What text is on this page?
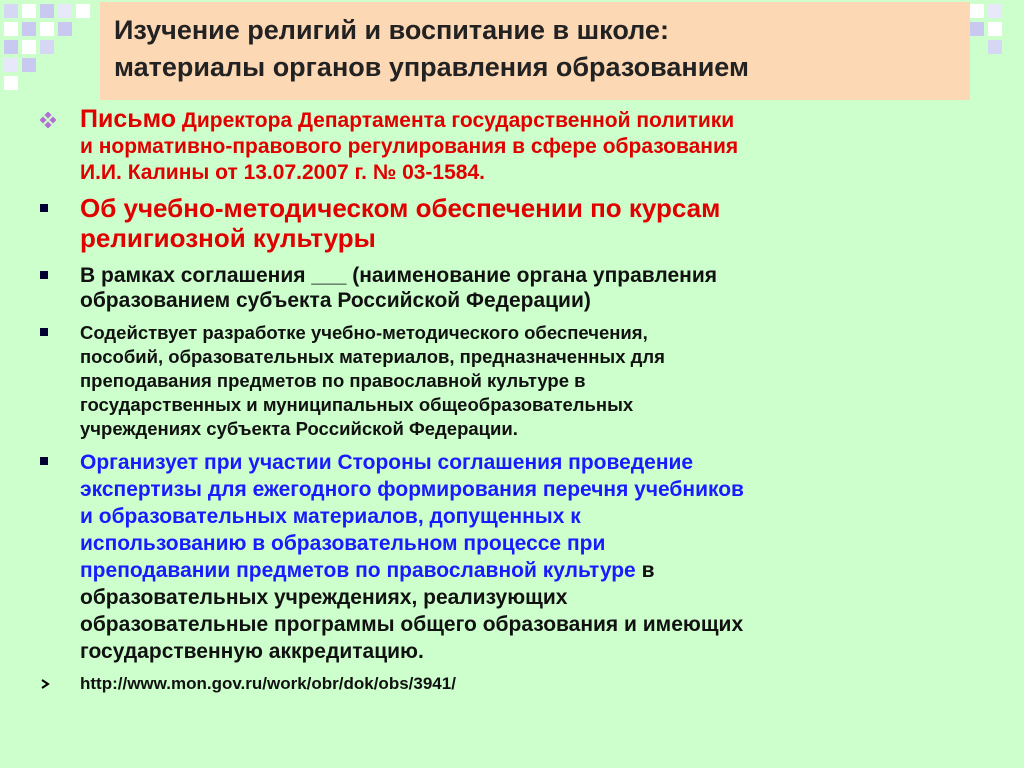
Изучение религий и воспитание в школе:
материалы органов управления образованием
Письмо Директора Департамента государственной политики
и нормативно-правового регулирования в сфере образования
И.И. Калины от 13.07.2007 г. № 03-1584.
Об учебно-методическом обеспечении по курсам
религиозной культуры
В рамках соглашения ___ (наименование органа управления
образованием субъекта Российской Федерации)
Содействует разработке учебно-методического обеспечения,
пособий, образовательных материалов, предназначенных для
преподавания предметов по православной культуре в
государственных и муниципальных общеобразовательных
учреждениях субъекта Российской Федерации.
Организует при участии Стороны соглашения проведение
экспертизы для ежегодного формирования перечня учебников
и образовательных материалов, допущенных к
использованию в образовательном процессе при
преподавании предметов по православной культуре в
образовательных учреждениях, реализующих
образовательные программы общего образования и имеющих
государственную аккредитацию.
http://www.mon.gov.ru/work/obr/dok/obs/3941/
